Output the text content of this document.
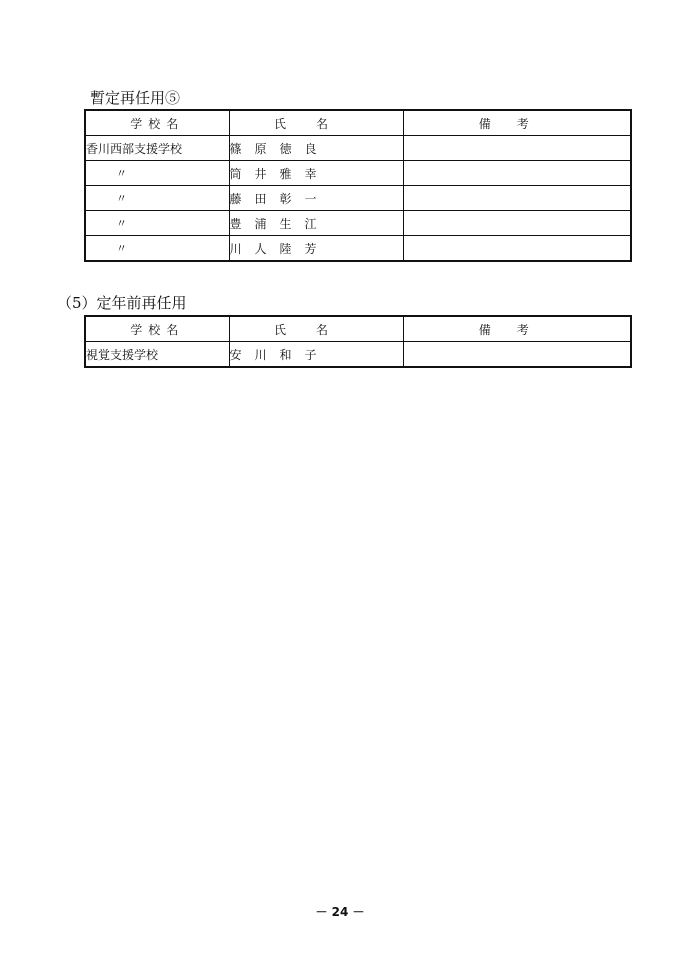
暫定再任用⑤
学校名	氏名	備考
香川西部支援学校	篠原徳良	
〃	筒井雅幸	
〃	藤田彰一	
〃	豊浦生江	
〃	川人陸芳	
（5）定年前再任用
学校名	氏名	備考
視覚支援学校	安川和子	
－ 24 －
